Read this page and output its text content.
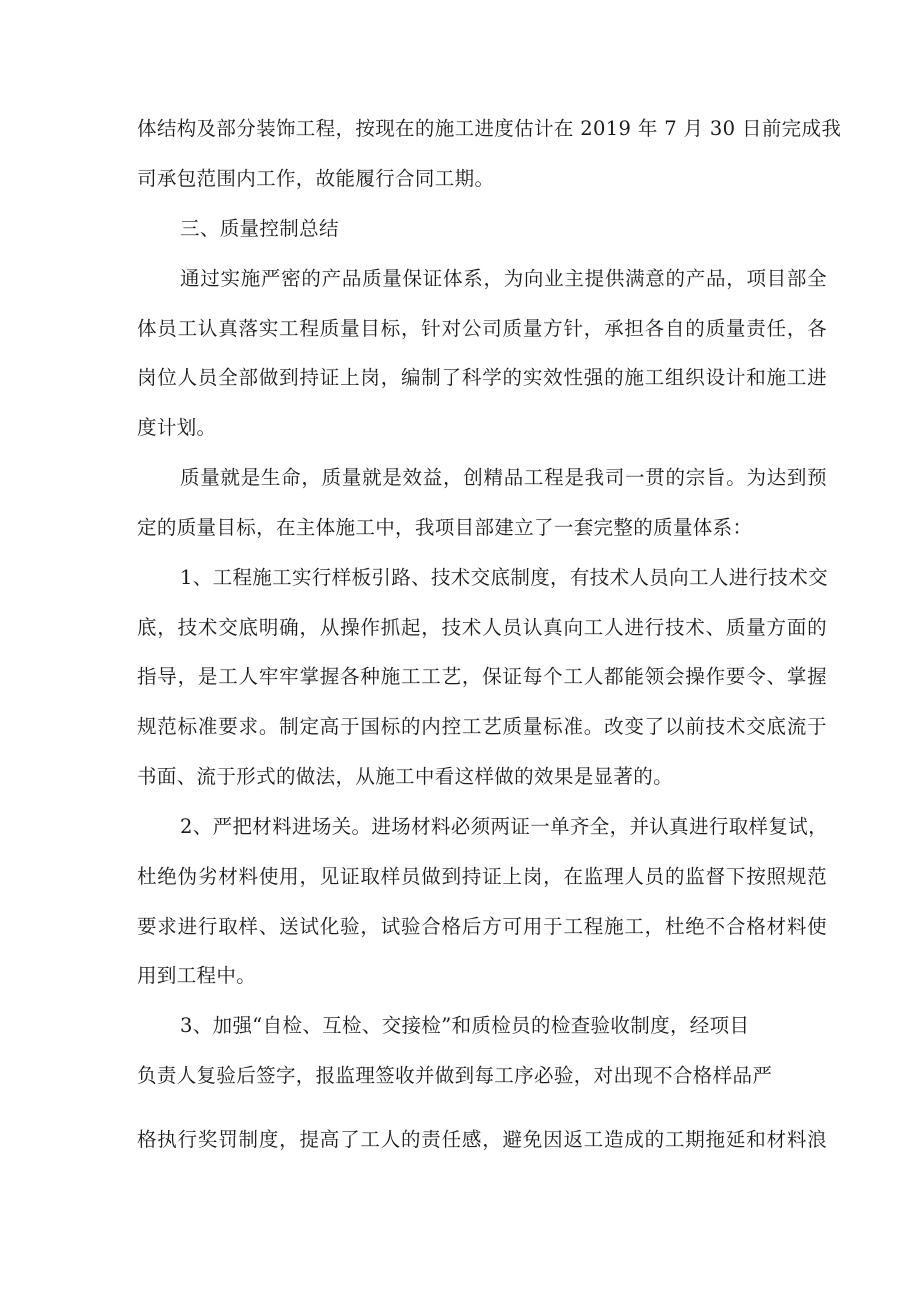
体结构及部分装饰工程，按现在的施工进度估计在 2019 年 7 月 30 日前完成我
司承包范围内工作，故能履行合同工期。
三、质量控制总结
通过实施严密的产品质量保证体系，为向业主提供满意的产品，项目部全
体员工认真落实工程质量目标，针对公司质量方针，承担各自的质量责任，各
岗位人员全部做到持证上岗，编制了科学的实效性强的施工组织设计和施工进
度计划。
质量就是生命，质量就是效益，创精品工程是我司一贯的宗旨。为达到预
定的质量目标，在主体施工中，我项目部建立了一套完整的质量体系：
1、工程施工实行样板引路、技术交底制度，有技术人员向工人进行技术交
底，技术交底明确，从操作抓起，技术人员认真向工人进行技术、质量方面的
指导，是工人牢牢掌握各种施工工艺，保证每个工人都能领会操作要令、掌握
规范标准要求。制定高于国标的内控工艺质量标准。改变了以前技术交底流于
书面、流于形式的做法，从施工中看这样做的效果是显著的。
2、严把材料进场关。进场材料必须两证一单齐全，并认真进行取样复试，
杜绝伪劣材料使用，见证取样员做到持证上岗，在监理人员的监督下按照规范
要求进行取样、送试化验，试验合格后方可用于工程施工，杜绝不合格材料使
用到工程中。
3、加强“自检、互检、交接检”和质检员的检查验收制度，经项目
负责人复验后签字，报监理签收并做到每工序必验，对出现不合格样品严
格执行奖罚制度，提高了工人的责任感，避免因返工造成的工期拖延和材料浪
